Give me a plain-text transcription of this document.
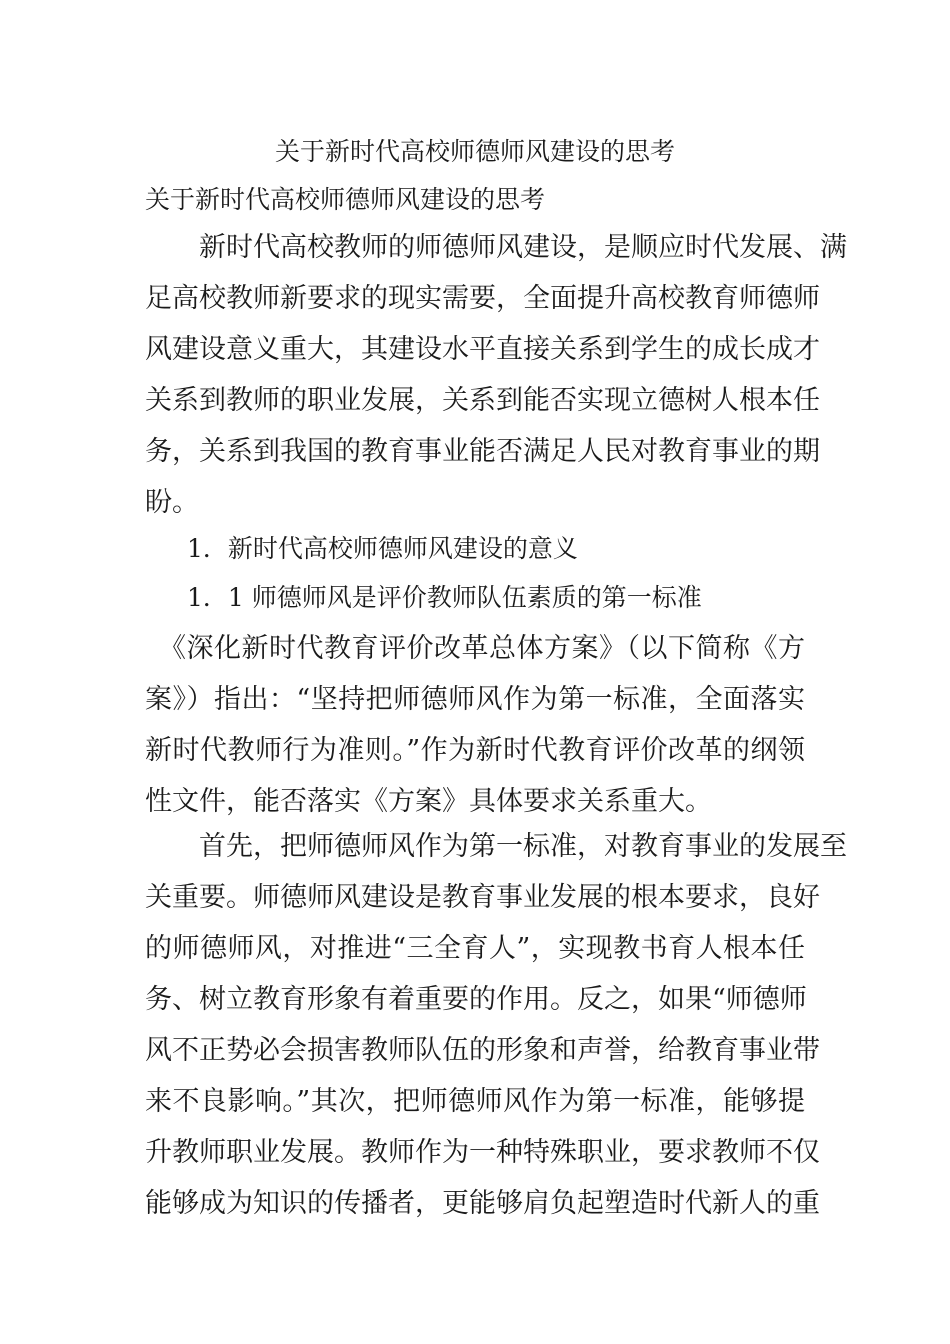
关于新时代高校师德师风建设的思考

关于新时代高校师德师风建设的思考

　　新时代高校教师的师德师风建设，是顺应时代发展、满
足高校教师新要求的现实需要，全面提升高校教育师德师
风建设意义重大，其建设水平直接关系到学生的成长成才
关系到教师的职业发展，关系到能否实现立德树人根本任
务，关系到我国的教育事业能否满足人民对教育事业的期
盼。
1．新时代高校师德师风建设的意义
1．1 师德师风是评价教师队伍素质的第一标准
　《深化新时代教育评价改革总体方案》（以下简称《方
案》）指出：“坚持把师德师风作为第一标准，全面落实
新时代教师行为准则。”作为新时代教育评价改革的纲领
性文件，能否落实《方案》具体要求关系重大。
　　首先，把师德师风作为第一标准，对教育事业的发展至
关重要。师德师风建设是教育事业发展的根本要求，良好
的师德师风，对推进“三全育人”，实现教书育人根本任
务、树立教育形象有着重要的作用。反之，如果“师德师
风不正势必会损害教师队伍的形象和声誉，给教育事业带
来不良影响。”其次，把师德师风作为第一标准，能够提
升教师职业发展。教师作为一种特殊职业，要求教师不仅
能够成为知识的传播者，更能够肩负起塑造时代新人的重
